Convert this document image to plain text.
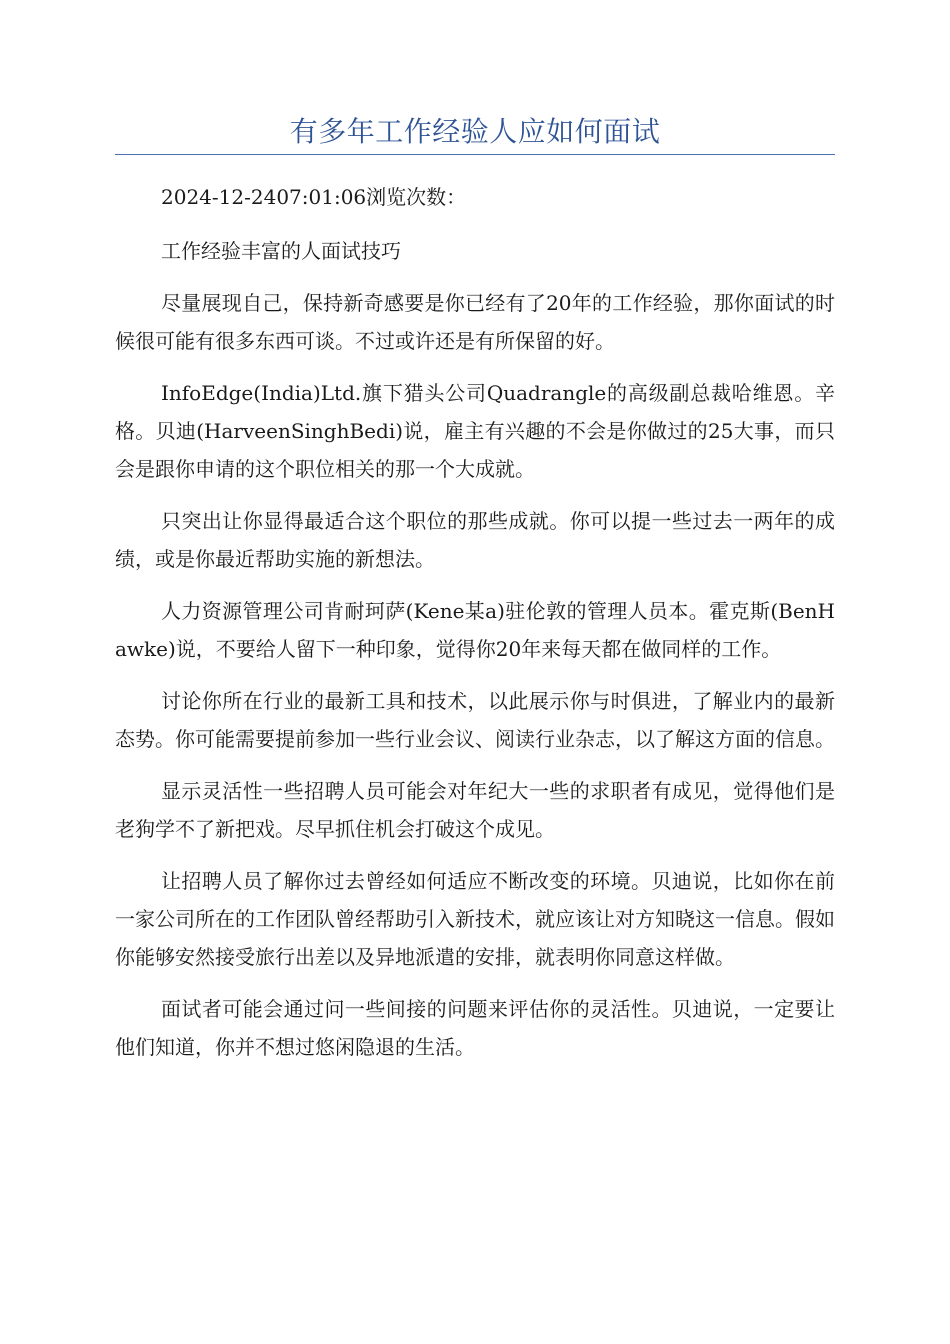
有多年工作经验人应如何面试

2024-12-2407:01:06浏览次数：

工作经验丰富的人面试技巧

尽量展现自己，保持新奇感要是你已经有了20年的工作经验，那你面试的时候很可能有很多东西可谈。不过或许还是有所保留的好。

InfoEdge(India)Ltd.旗下猎头公司Quadrangle的高级副总裁哈维恩。辛格。贝迪(HarveenSinghBedi)说，雇主有兴趣的不会是你做过的25大事，而只会是跟你申请的这个职位相关的那一个大成就。

只突出让你显得最适合这个职位的那些成就。你可以提一些过去一两年的成绩，或是你最近帮助实施的新想法。

人力资源管理公司肯耐珂萨(Kene某a)驻伦敦的管理人员本。霍克斯(BenHawke)说，不要给人留下一种印象，觉得你20年来每天都在做同样的工作。

讨论你所在行业的最新工具和技术，以此展示你与时俱进，了解业内的最新态势。你可能需要提前参加一些行业会议、阅读行业杂志，以了解这方面的信息。

显示灵活性一些招聘人员可能会对年纪大一些的求职者有成见，觉得他们是老狗学不了新把戏。尽早抓住机会打破这个成见。

让招聘人员了解你过去曾经如何适应不断改变的环境。贝迪说，比如你在前一家公司所在的工作团队曾经帮助引入新技术，就应该让对方知晓这一信息。假如你能够安然接受旅行出差以及异地派遣的安排，就表明你同意这样做。

面试者可能会通过问一些间接的问题来评估你的灵活性。贝迪说，一定要让他们知道，你并不想过悠闲隐退的生活。
